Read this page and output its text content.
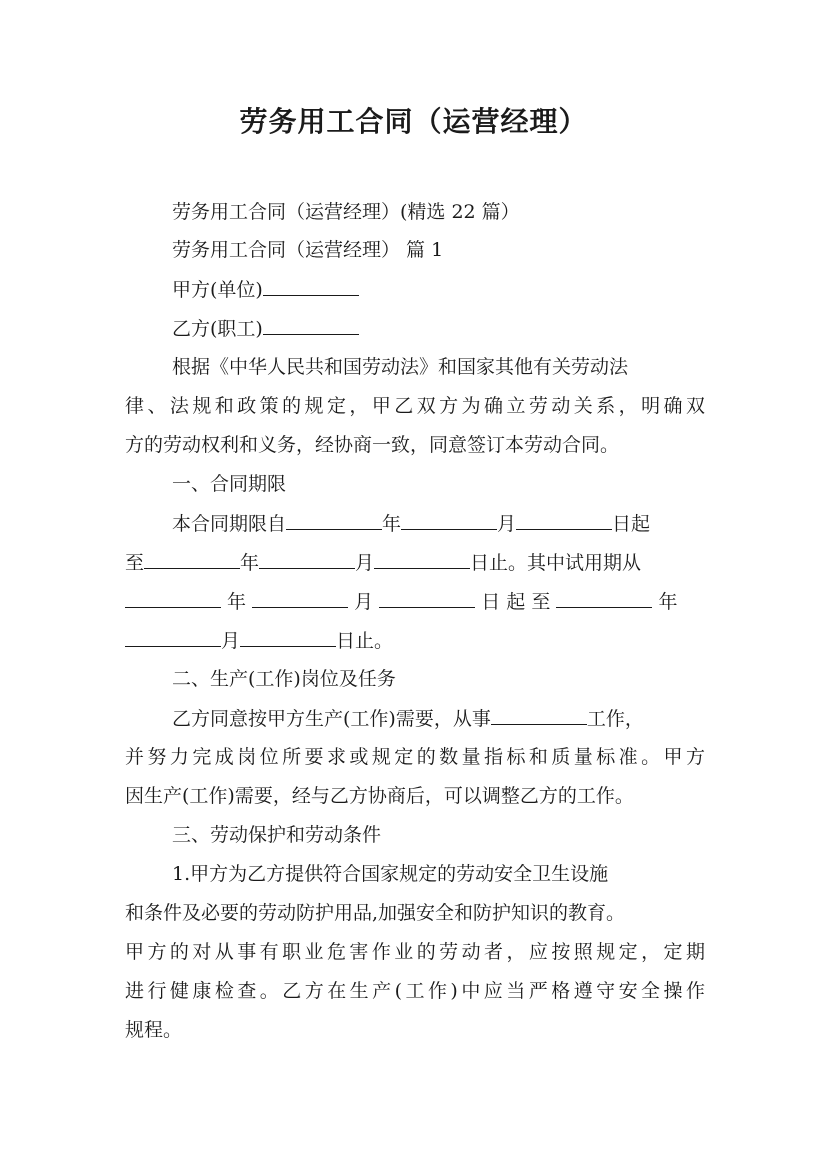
劳务用工合同（运营经理）
劳务用工合同（运营经理）(精选 22 篇）
劳务用工合同（运营经理） 篇 1
甲方(单位)
乙方(职工)
根据《中华人民共和国劳动法》和国家其他有关劳动法
律、法规和政策的规定，甲乙双方为确立劳动关系，明确双
方的劳动权利和义务，经协商一致，同意签订本劳动合同。
一、合同期限
本合同期限自	年	月	日起
至	年	月	日止。其中试用期从
年	月	日 起 至	年
月	日止。
二、生产(工作)岗位及任务
乙方同意按甲方生产(工作)需要，从事	工作，
并努力完成岗位所要求或规定的数量指标和质量标准。甲方
因生产(工作)需要，经与乙方协商后，可以调整乙方的工作。
三、劳动保护和劳动条件
1.甲方为乙方提供符合国家规定的劳动安全卫生设施
和条件及必要的劳动防护用品,加强安全和防护知识的教育。
甲方的对从事有职业危害作业的劳动者，应按照规定，定期
进行健康检查。乙方在生产(工作)中应当严格遵守安全操作
规程。
